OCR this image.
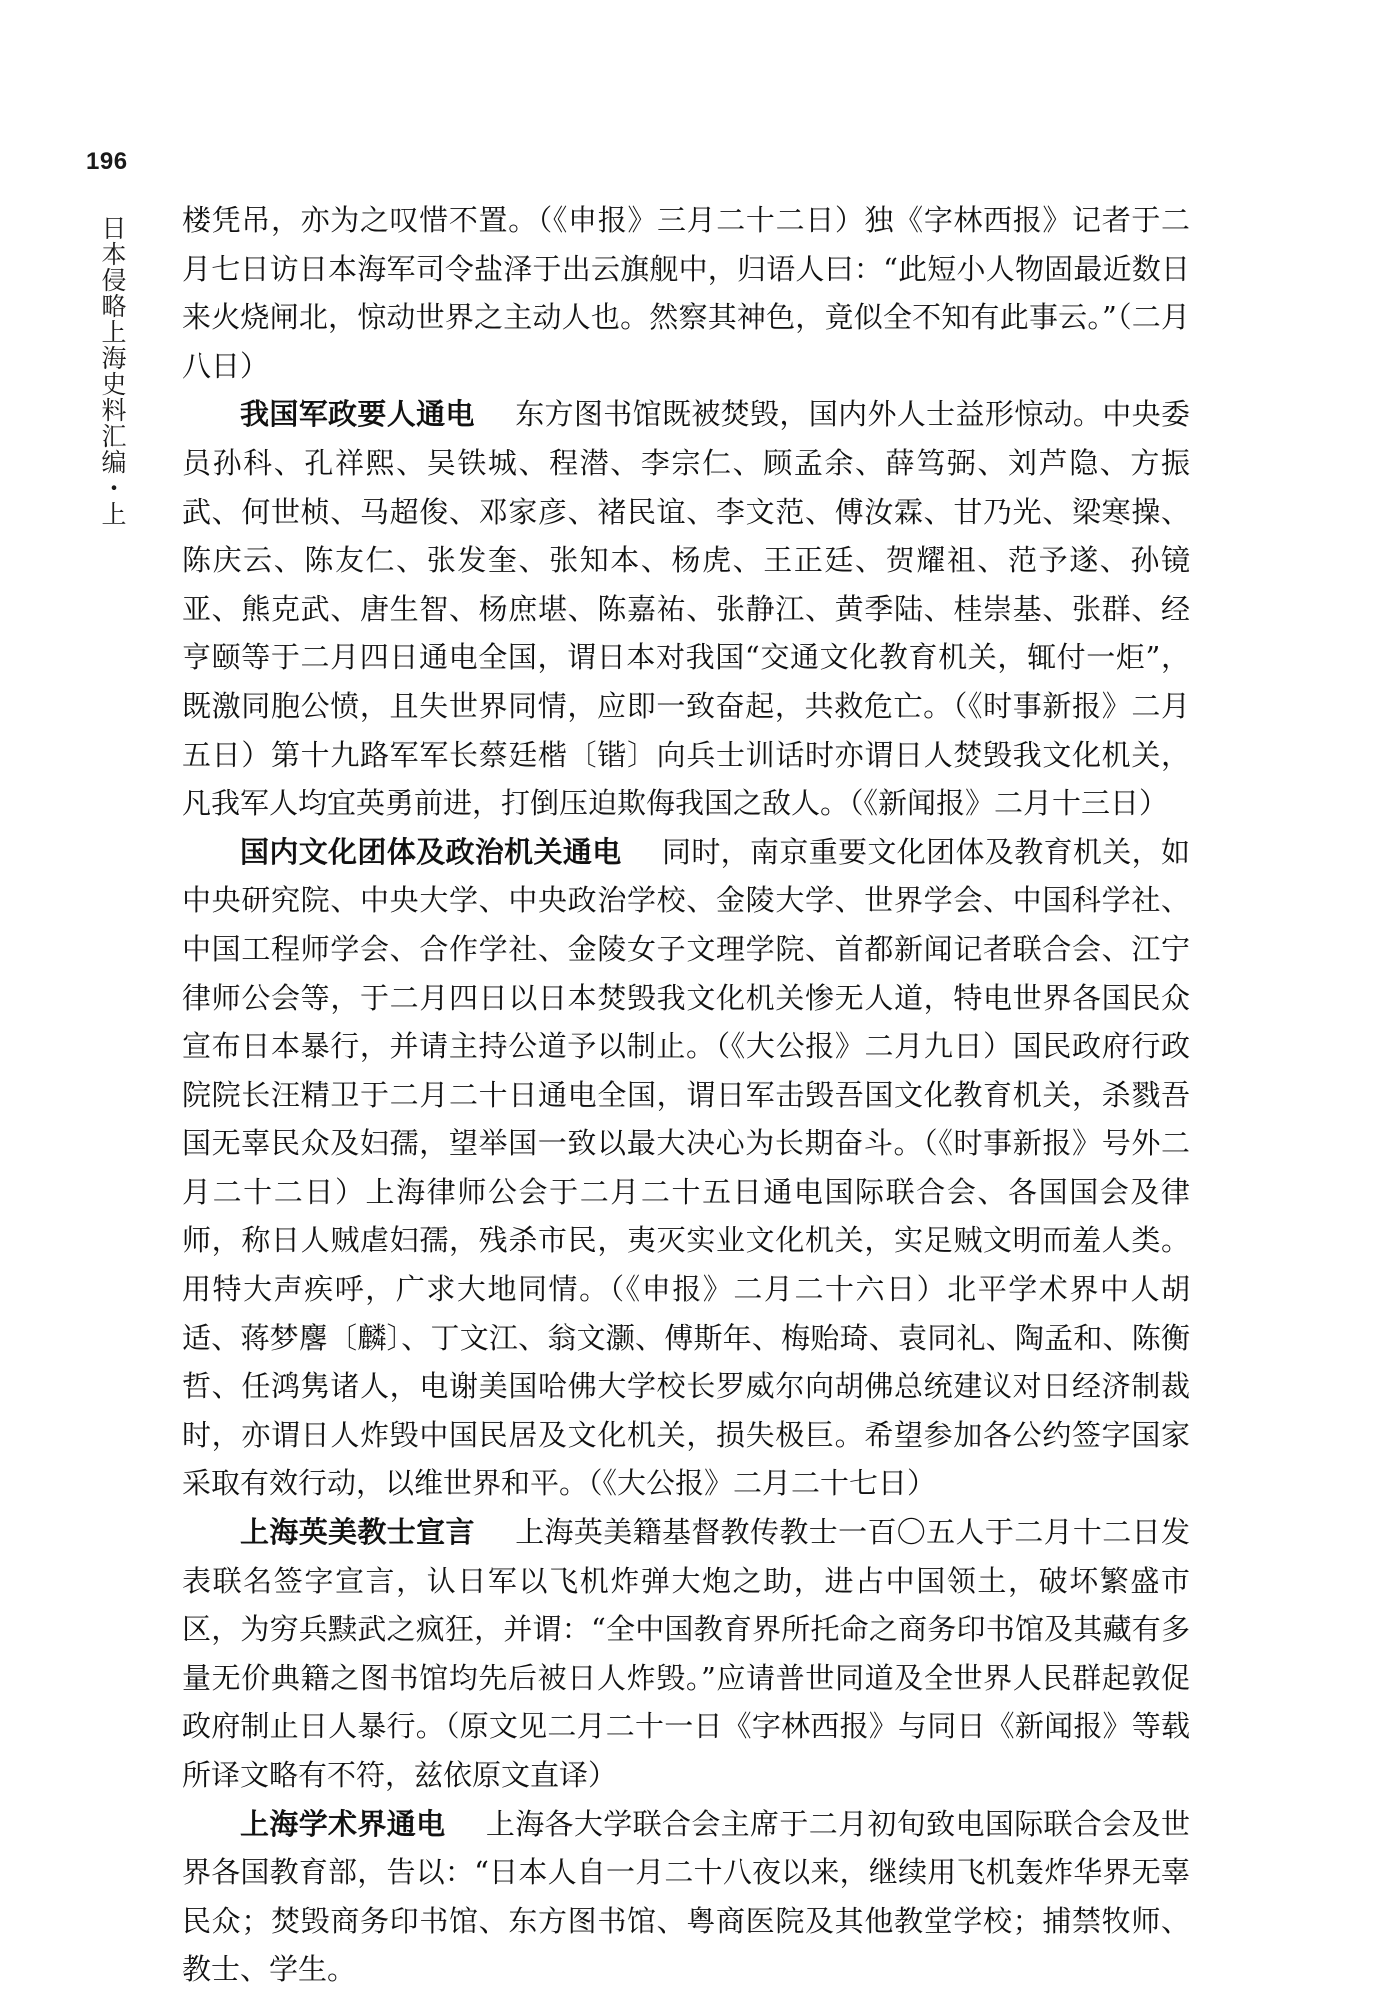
196
日本侵略上海史料汇编・上 楼凭吊，亦为之叹惜不置。（《申报》三月二十二日）独《字林西报》记者于二月七日访日本海军司令盐泽于出云旗舰中，归语人曰：“此短小人物固最近数日来火烧闸北，惊动世界之主动人也。然察其神色，竟似全不知有此事云。”（二月八日）

我国军政要人通电 东方图书馆既被焚毁，国内外人士益形惊动。中央委员孙科、孔祥熙、吴铁城、程潜、李宗仁、顾孟余、薛笃弼、刘芦隐、方振武、何世桢、马超俊、邓家彦、褚民谊、李文范、傅汝霖、甘乃光、梁寒操、陈庆云、陈友仁、张发奎、张知本、杨虎、王正廷、贺耀祖、范予遂、孙镜亚、熊克武、唐生智、杨庶堪、陈嘉祐、张静江、黄季陆、桂崇基、张群、经亨颐等于二月四日通电全国，谓日本对我国“交通文化教育机关，辄付一炬”，既激同胞公愤，且失世界同情，应即一致奋起，共救危亡。（《时事新报》二月五日）第十九路军军长蔡廷楷〔锴〕向兵士训话时亦谓日人焚毁我文化机关，凡我军人均宜英勇前进，打倒压迫欺侮我国之敌人。（《新闻报》二月十三日）

国内文化团体及政治机关通电 同时，南京重要文化团体及教育机关，如中央研究院、中央大学、中央政治学校、金陵大学、世界学会、中国科学社、中国工程师学会、合作学社、金陵女子文理学院、首都新闻记者联合会、江宁律师公会等，于二月四日以日本焚毁我文化机关惨无人道，特电世界各国民众宣布日本暴行，并请主持公道予以制止。（《大公报》二月九日）国民政府行政院院长汪精卫于二月二十日通电全国，谓日军击毁吾国文化教育机关，杀戮吾国无辜民众及妇孺，望举国一致以最大决心为长期奋斗。（《时事新报》号外二月二十二日）上海律师公会于二月二十五日通电国际联合会、各国国会及律师，称日人贼虐妇孺，残杀市民，夷灭实业文化机关，实足贼文明而羞人类。用特大声疾呼，广求大地同情。（《申报》二月二十六日）北平学术界中人胡适、蒋梦麐〔麟〕、丁文江、翁文灏、傅斯年、梅贻琦、袁同礼、陶孟和、陈衡哲、任鸿隽诸人，电谢美国哈佛大学校长罗威尔向胡佛总统建议对日经济制裁时，亦谓日人炸毁中国民居及文化机关，损失极巨。希望参加各公约签字国家采取有效行动，以维世界和平。（《大公报》二月二十七日）

上海英美教士宣言 上海英美籍基督教传教士一百〇五人于二月十二日发表联名签字宣言，认日军以飞机炸弹大炮之助，进占中国领土，破坏繁盛市区，为穷兵黩武之疯狂，并谓：“全中国教育界所托命之商务印书馆及其藏有多量无价典籍之图书馆均先后被日人炸毁。”应请普世同道及全世界人民群起敦促政府制止日人暴行。（原文见二月二十一日《字林西报》与同日《新闻报》等载所译文略有不符，兹依原文直译）

上海学术界通电 上海各大学联合会主席于二月初旬致电国际联合会及世界各国教育部，告以：“日本人自一月二十八夜以来，继续用飞机轰炸华界无辜民众；焚毁商务印书馆、东方图书馆、粤商医院及其他教堂学校；捕禁牧师、教士、学生。
